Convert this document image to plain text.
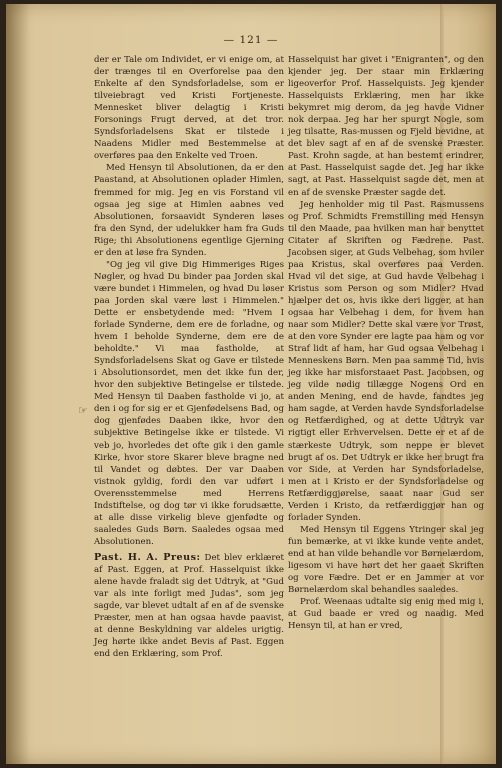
— 121 —
☞

der er Tale om Individet, er vi enige om, at der trænges til en Overforelse paa den Enkelte af den Syndsforladelse, som er tilveiebragt ved Kristi Fortjeneste. Mennesket bliver delagtig i Kristi Forsonings Frugt derved, at det tror. Syndsforladelsens Skat er tilstede i Naadens Midler med Bestemmelse at overføres paa den Enkelte ved Troen.

Med Hensyn til Absolutionen, da er den Paastand, at Absolutionen oplader Himlen, fremmed for mig. Jeg en vis Forstand vil ogsaa jeg sige at Himlen aabnes ved Absolutionen, forsaavidt Synderen løses fra den Synd, der udelukker ham fra Guds Rige; thi Absolutionens egentlige Gjerning er den at løse fra Synden.

"Og jeg vil give Dig Himmeriges Riges Nøgler, og hvad Du binder paa Jorden skal være bundet i Himmelen, og hvad Du løser paa Jorden skal være løst i Himmelen." Dette er ensbetydende med: "Hvem I forlade Synderne, dem ere de forladne, og hvem I beholde Synderne, dem ere de beholdte." Vi maa fastholde, at Syndsforladelsens Skat og Gave er tilstede i Absolutionsordet, men det ikke fun der, hvor den subjektive Betingelse er tilstede. Med Hensyn til Daaben fastholde vi jo, at den i og for sig er et Gjenfødelsens Bad, og dog gjenfødes Daaben ikke, hvor den subjektive Betingelse ikke er tilstede. Vi veb jo, hvorledes det ofte gik i den gamle Kirke, hvor store Skarer bleve bragne ned til Vandet og døbtes. Der var Daaben vistnok gyldig, fordi den var udført i Overensstemmelse med Herrens Indstiftelse, og dog tør vi ikke forudsætte, at alle disse virkelig bleve gjenfødte og saaledes Guds Børn. Saaledes ogsaa med Absolutionen.

Past. H. A. Preus: Det blev erklæret af Past. Eggen, at Prof. Hasselquist ikke alene havde fraladt sig det Udtryk, at "Gud var als inte forligt med Judas", som jeg sagde, var blevet udtalt af en af de svenske Præster, men at han ogsaa havde paavist, at denne Beskyldning var aldeles urigtig. Jeg hørte ikke andet Bevis af Past. Eggen end den Erklæring, som Prof.

Hasselquist har givet i "Enigranten", og den kjender jeg. Der staar min Erklæring ligeoverfor Prof. Hasselquists. Jeg kjender Hasselquists Erklæring, men har ikke bekymret mig derom, da jeg havde Vidner nok derpaa. Jeg har her spurgt Nogle, som jeg tilsatte, Ras-mussen og Fjeld bevidne, at det blev sagt af en af de svenske Præster. Past. Krohn sagde, at han bestemt erindrer, at Past. Hasselquist sagde det. Jeg har ikke sagt, at Past. Hasselquist sagde det, men at en af de svenske Præster sagde det.

Jeg henholder mig til Past. Rasmussens og Prof. Schmidts Fremstilling med Hensyn til den Maade, paa hvilken man har benyttet Citater af Skriften og Fædrene. Past. Jacobsen siger, at Guds Velbehag, som hviler paa Kristus, skal overføres paa Verden. Hvad vil det sige, at Gud havde Velbehag i Kristus som Person og som Midler? Hvad hjælper det os, hvis ikke deri ligger, at han ogsaa har Velbehag i dem, for hvem han naar som Midler? Dette skal være vor Trøst, at den vore Synder ere lagte paa ham og vor Straf lidt af ham, har Gud ogsaa Velbehag i Menneskens Børn. Men paa samme Tid, hvis jeg ikke har misforstaaet Past. Jacobsen, og jeg vilde nødig tillægge Nogens Ord en anden Mening, end de havde, fandtes jeg ham sagde, at Verden havde Syndsforladelse og Retfærdighed, og at dette Udtryk var rigtigt eller Erhvervelsen. Dette er et af de stærkeste Udtryk, som neppe er blevet brugt af os. Det Udtryk er ikke her brugt fra vor Side, at Verden har Syndsforladelse, men at i Kristo er der Syndsforladelse og Retfærdiggjørelse, saaat naar Gud ser Verden i Kristo, da retfærdiggjør han og forlader Synden.

Med Hensyn til Eggens Ytringer skal jeg fun bemærke, at vi ikke kunde vente andet, end at han vilde behandle vor Børnelærdom, ligesom vi have hørt det her gaaet Skriften og vore Fædre. Det er en Jammer at vor Børnelærdom skal behandles saaledes.

Prof. Weenaas udtalte sig enig med mig i, at Gud baade er vred og naadig. Med Hensyn til, at han er vred,
